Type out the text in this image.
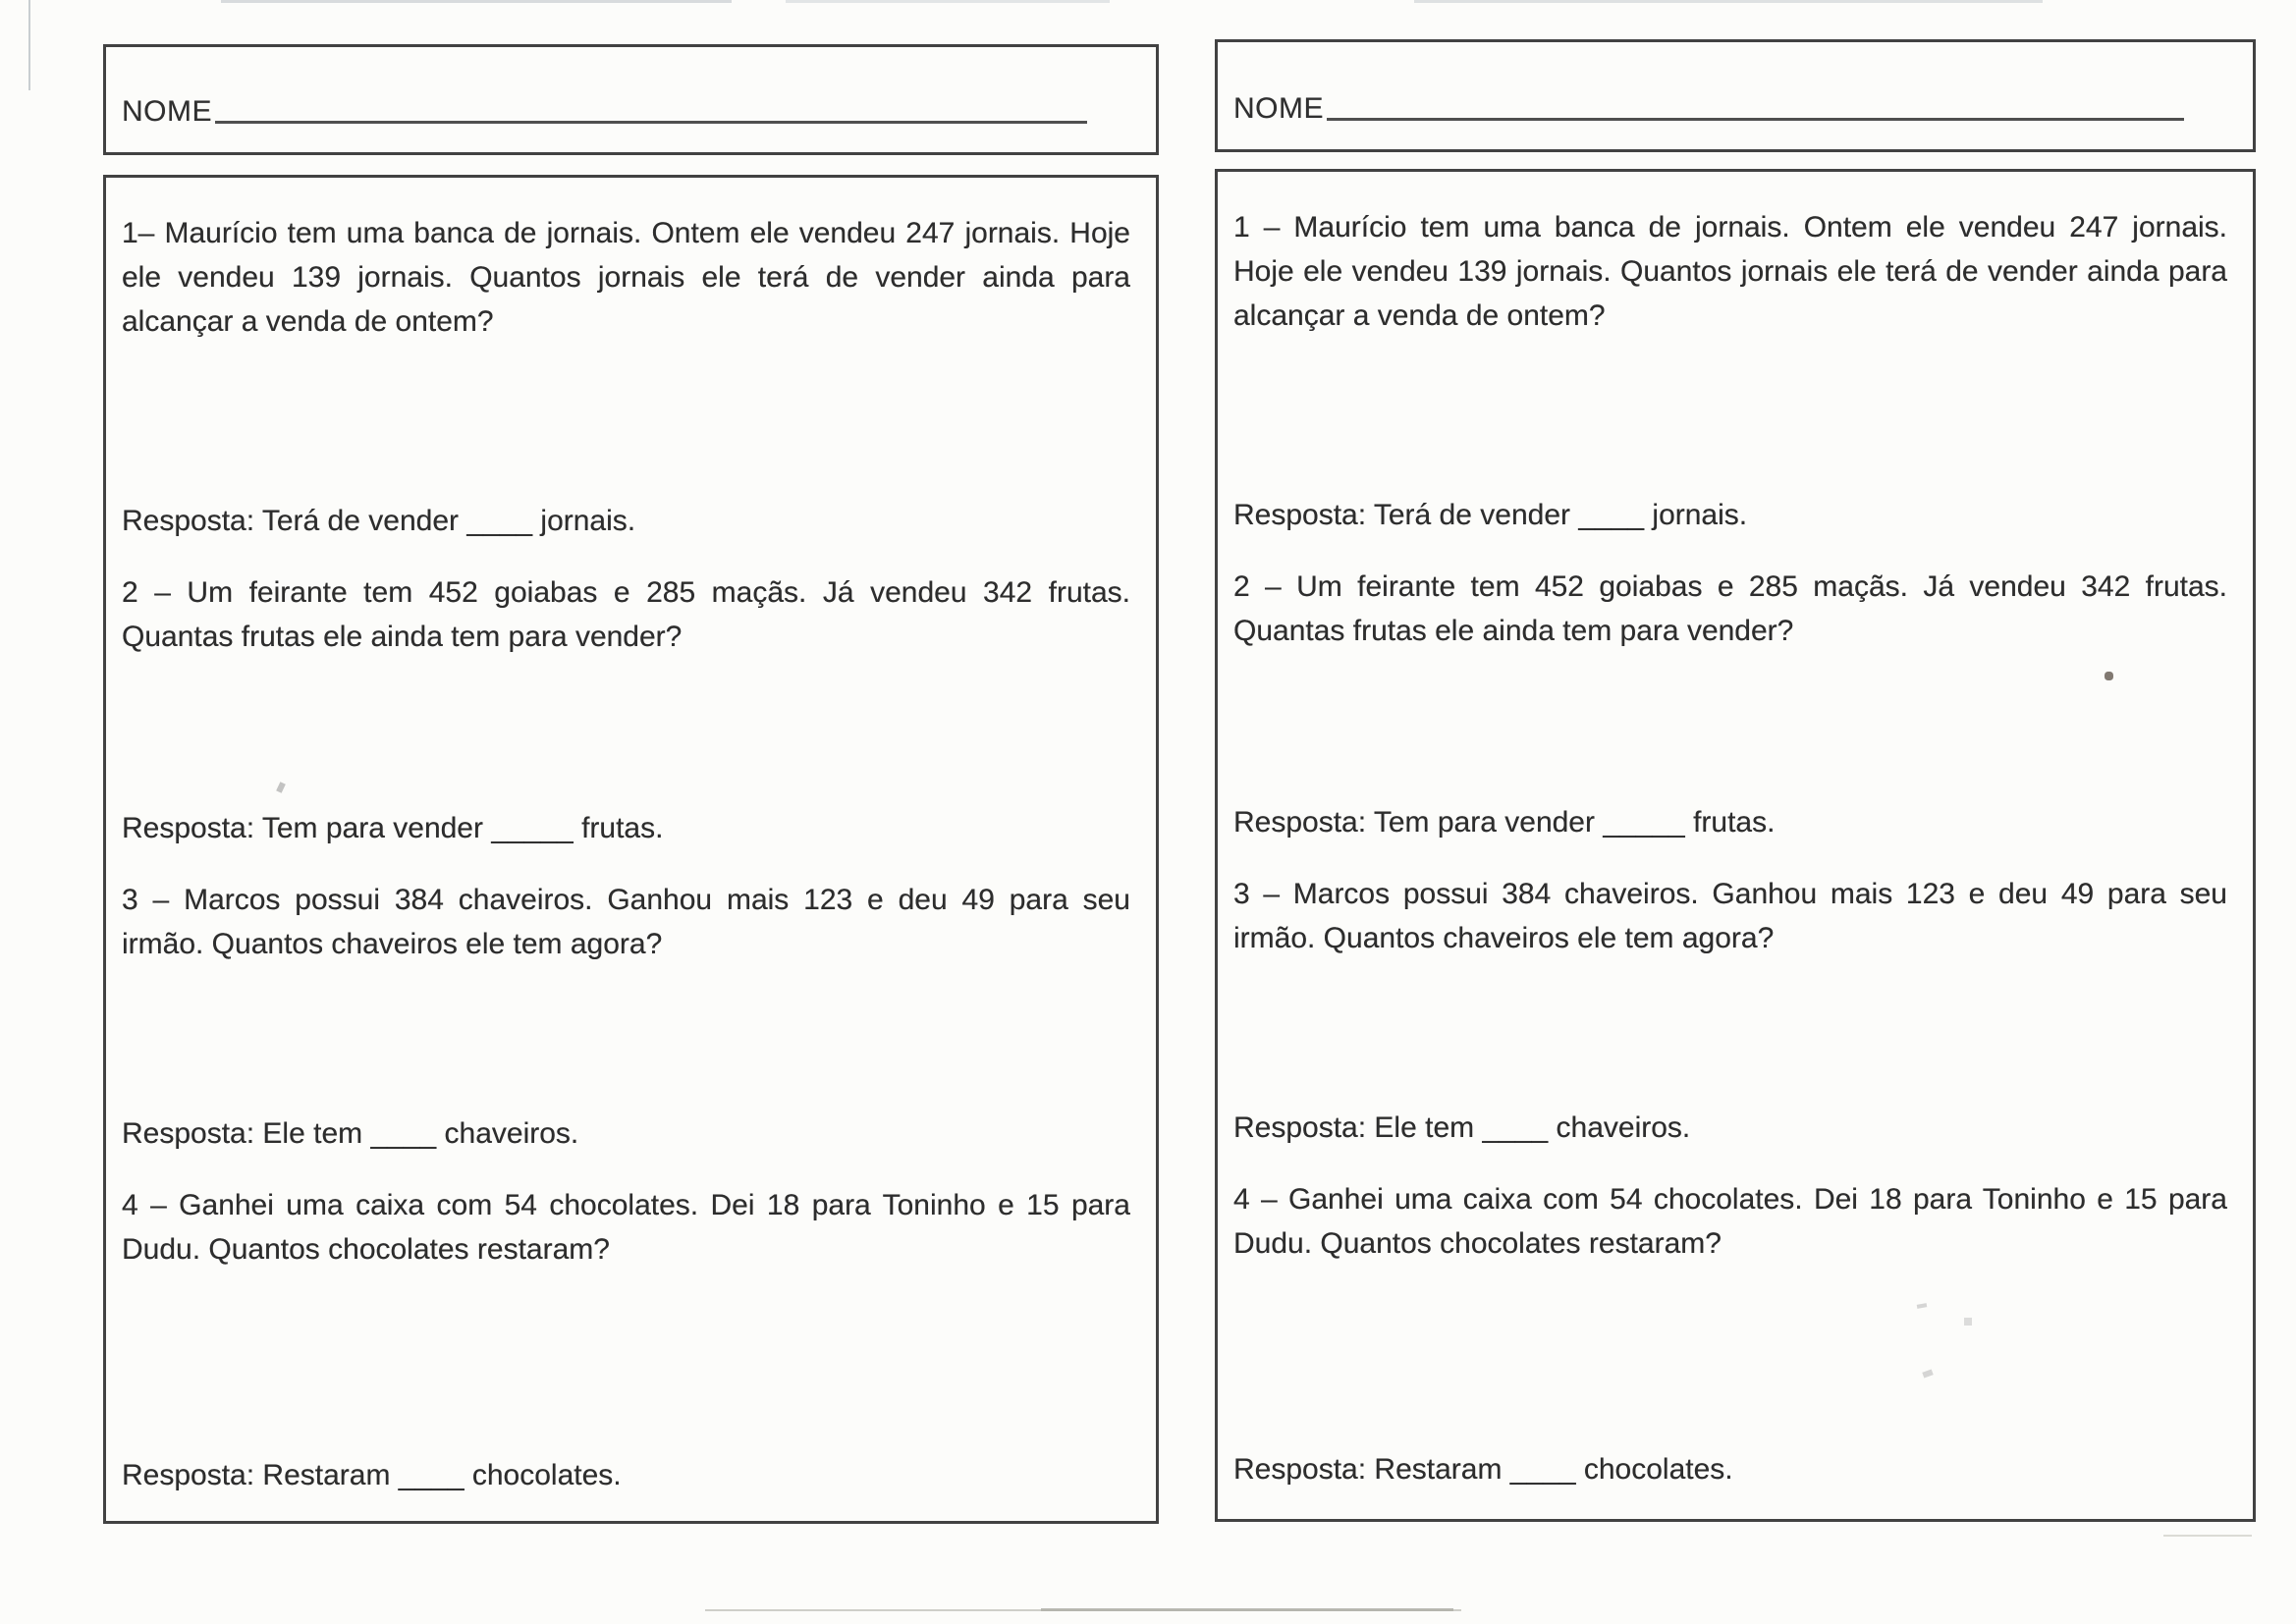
NOME

1– Maurício tem uma banca de jornais. Ontem ele vendeu 247 jornais. Hoje ele vendeu 139 jornais. Quantos jornais ele terá de vender ainda para alcançar a venda de ontem?

Resposta: Terá de vender ____ jornais.

2 – Um feirante tem 452 goiabas e 285 maçãs. Já vendeu 342 frutas. Quantas frutas ele ainda tem para vender?

Resposta: Tem para vender _____ frutas.

3 – Marcos possui 384 chaveiros. Ganhou mais 123 e deu 49 para seu irmão. Quantos chaveiros ele tem agora?

Resposta: Ele tem ____ chaveiros.

4 – Ganhei uma caixa com 54 chocolates. Dei 18 para Toninho e 15 para Dudu. Quantos chocolates restaram?

Resposta: Restaram ____ chocolates.

NOME

1 – Maurício tem uma banca de jornais. Ontem ele vendeu 247 jornais. Hoje ele vendeu 139 jornais. Quantos jornais ele terá de vender ainda para alcançar a venda de ontem?

Resposta: Terá de vender ____ jornais.

2 – Um feirante tem 452 goiabas e 285 maçãs. Já vendeu 342 frutas. Quantas frutas ele ainda tem para vender?

Resposta: Tem para vender _____ frutas.

3 – Marcos possui 384 chaveiros. Ganhou mais 123 e deu 49 para seu irmão. Quantos chaveiros ele tem agora?

Resposta: Ele tem ____ chaveiros.

4 – Ganhei uma caixa com 54 chocolates. Dei 18 para Toninho e 15 para Dudu. Quantos chocolates restaram?

Resposta: Restaram ____ chocolates.
